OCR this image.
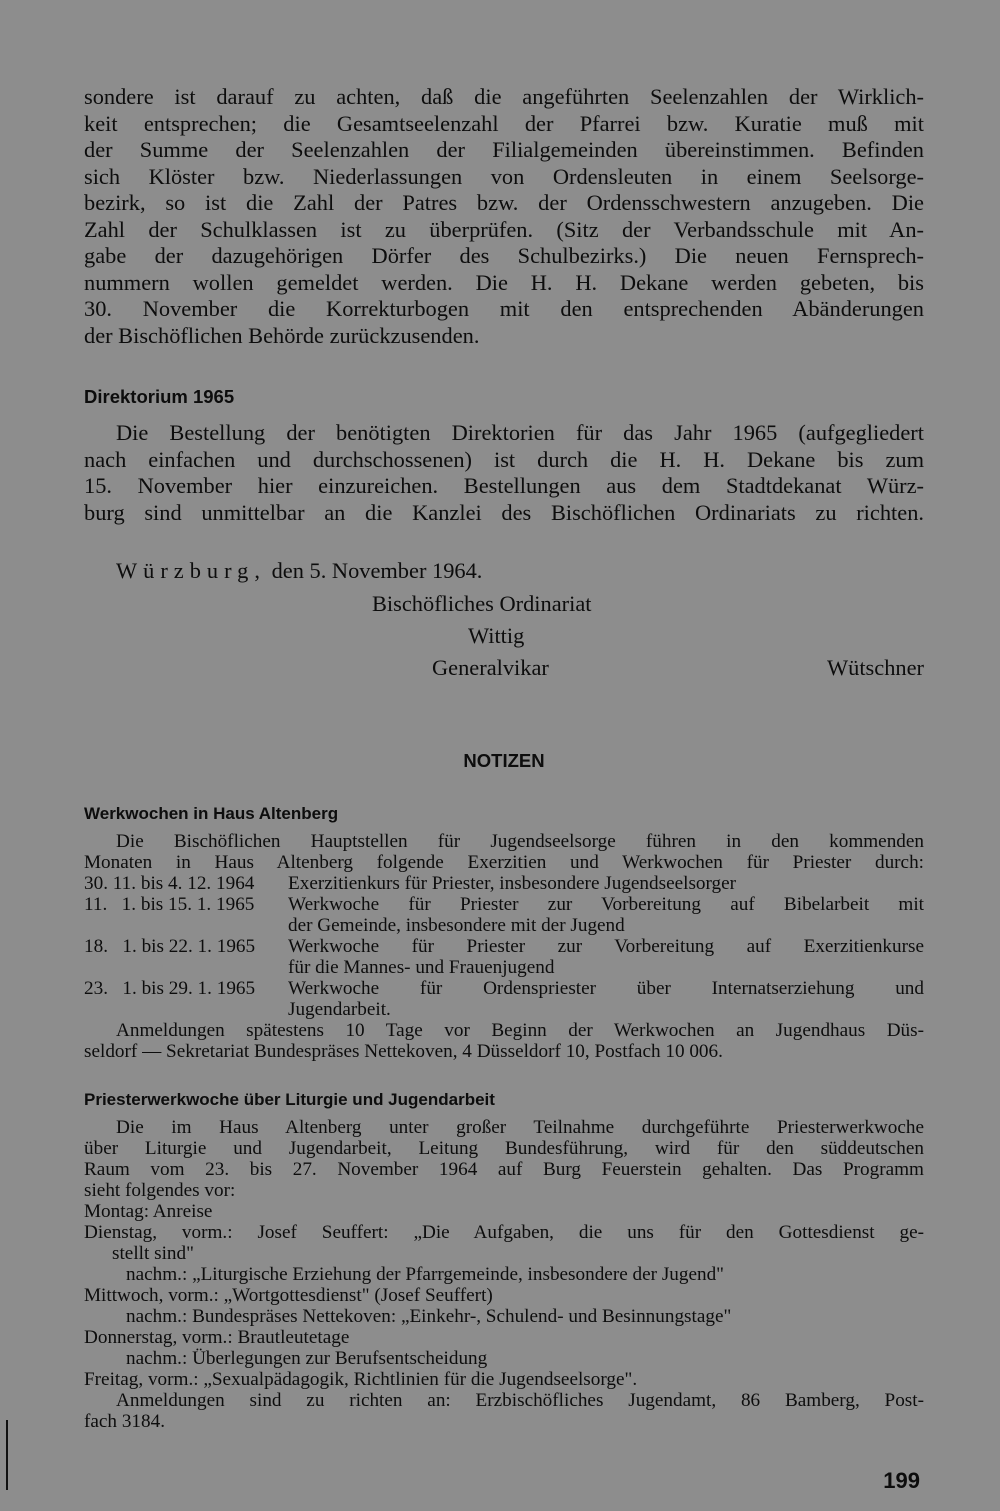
sondere ist darauf zu achten, daß die angeführten Seelenzahlen der Wirklich-
keit entsprechen; die Gesamtseelenzahl der Pfarrei bzw. Kuratie muß mit
der Summe der Seelenzahlen der Filialgemeinden übereinstimmen. Befinden
sich Klöster bzw. Niederlassungen von Ordensleuten in einem Seelsorge-
bezirk, so ist die Zahl der Patres bzw. der Ordensschwestern anzugeben. Die
Zahl der Schulklassen ist zu überprüfen. (Sitz der Verbandsschule mit An-
gabe der dazugehörigen Dörfer des Schulbezirks.) Die neuen Fernsprech-
nummern wollen gemeldet werden. Die H. H. Dekane werden gebeten, bis
30. November die Korrekturbogen mit den entsprechenden Abänderungen
der Bischöflichen Behörde zurückzusenden.
Direktorium 1965
Die Bestellung der benötigten Direktorien für das Jahr 1965 (aufgegliedert
nach einfachen und durchschossenen) ist durch die H. H. Dekane bis zum
15. November hier einzureichen. Bestellungen aus dem Stadtdekanat Würz-
burg sind unmittelbar an die Kanzlei des Bischöflichen Ordinariats zu richten.
Würzburg, den 5. November 1964.
Bischöfliches Ordinariat
Wittig
Generalvikar	Wütschner
NOTIZEN
Werkwochen in Haus Altenberg
Die Bischöflichen Hauptstellen für Jugendseelsorge führen in den kommenden
Monaten in Haus Altenberg folgende Exerzitien und Werkwochen für Priester durch:
30. 11. bis 4. 12. 1964	Exerzitienkurs für Priester, insbesondere Jugendseelsorger
11.   1. bis 15. 1. 1965	Werkwoche für Priester zur Vorbereitung auf Bibelarbeit mit
der Gemeinde, insbesondere mit der Jugend
18.   1. bis 22. 1. 1965	Werkwoche für Priester zur Vorbereitung auf Exerzitienkurse
für die Mannes- und Frauenjugend
23.   1. bis 29. 1. 1965	Werkwoche für Ordenspriester über Internatserziehung und
Jugendarbeit.
Anmeldungen spätestens 10 Tage vor Beginn der Werkwochen an Jugendhaus Düs-
seldorf — Sekretariat Bundespräses Nettekoven, 4 Düsseldorf 10, Postfach 10 006.
Priesterwerkwoche über Liturgie und Jugendarbeit
Die im Haus Altenberg unter großer Teilnahme durchgeführte Priesterwerkwoche
über Liturgie und Jugendarbeit, Leitung Bundesführung, wird für den süddeutschen
Raum vom 23. bis 27. November 1964 auf Burg Feuerstein gehalten. Das Programm
sieht folgendes vor:
Montag: Anreise
Dienstag, vorm.: Josef Seuffert: „Die Aufgaben, die uns für den Gottesdienst ge-
stellt sind"
nachm.: „Liturgische Erziehung der Pfarrgemeinde, insbesondere der Jugend"
Mittwoch, vorm.: „Wortgottesdienst" (Josef Seuffert)
nachm.: Bundespräses Nettekoven: „Einkehr-, Schulend- und Besinnungstage"
Donnerstag, vorm.: Brautleutetage
nachm.: Überlegungen zur Berufsentscheidung
Freitag, vorm.: „Sexualpädagogik, Richtlinien für die Jugendseelsorge".
Anmeldungen sind zu richten an: Erzbischöfliches Jugendamt, 86 Bamberg, Post-
fach 3184.
199
